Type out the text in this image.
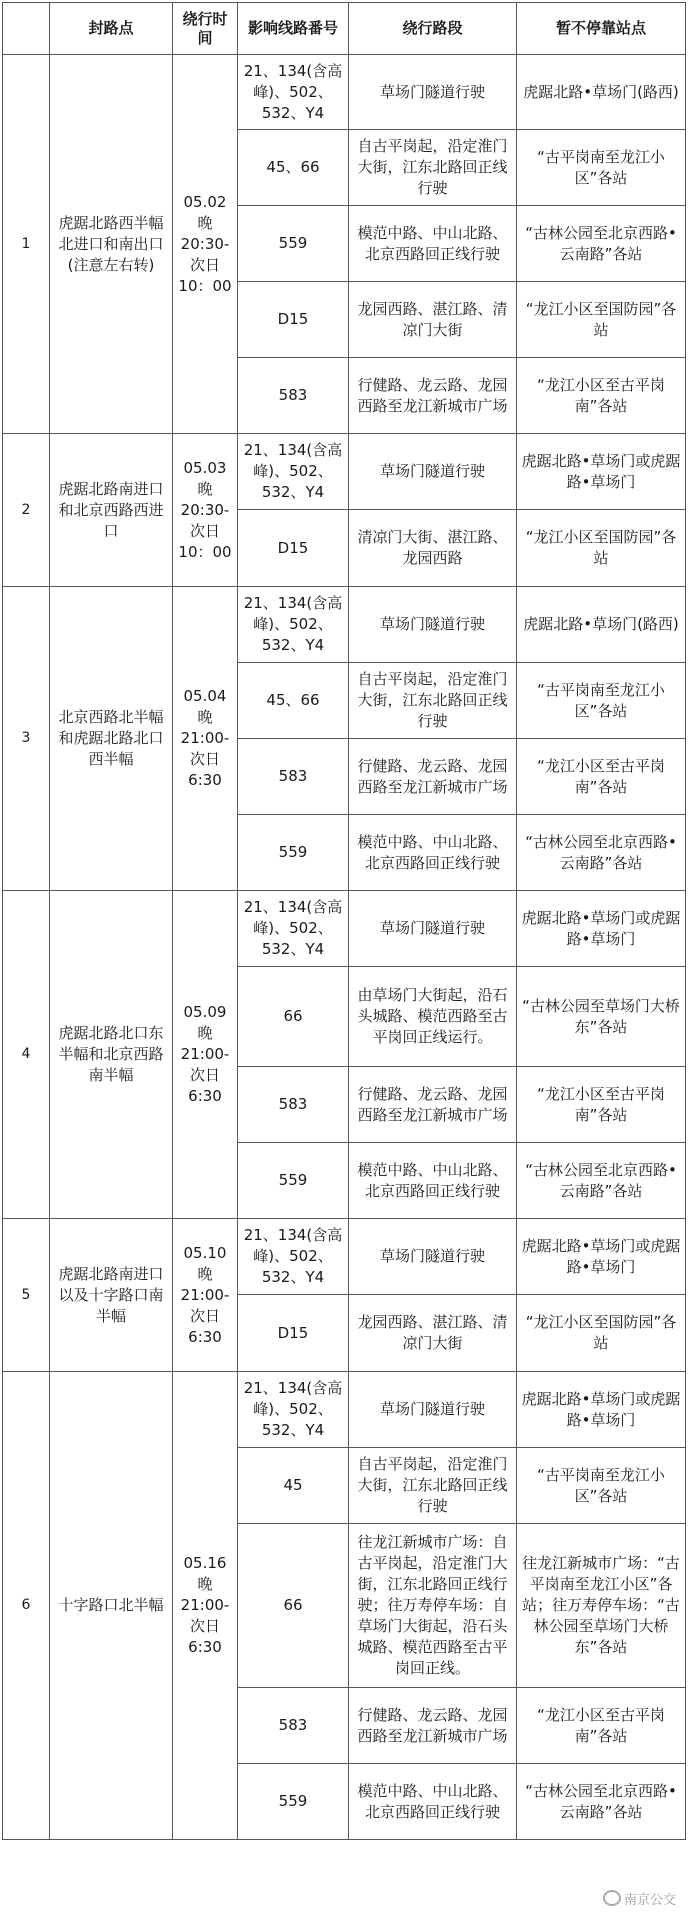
	封路点	绕行时间	影响线路番号	绕行路段	暂不停靠站点
1	虎踞北路西半幅北进口和南出口(注意左右转)	05.02晚20:30-次日10：00	21、134(含高峰)、502、532、Y4	草场门隧道行驶	虎踞北路•草场门(路西)
			45、66	自古平岗起，沿定淮门大街，江东北路回正线行驶	“古平岗南至龙江小区”各站
			559	模范中路、中山北路、北京西路回正线行驶	“古林公园至北京西路•云南路”各站
			D15	龙园西路、湛江路、清凉门大街	“龙江小区至国防园”各站
			583	行健路、龙云路、龙园西路至龙江新城市广场	“龙江小区至古平岗南”各站
2	虎踞北路南进口和北京西路西进口	05.03晚20:30-次日10：00	21、134(含高峰)、502、532、Y4	草场门隧道行驶	虎踞北路•草场门或虎踞路•草场门
			D15	清凉门大街、湛江路、龙园西路	“龙江小区至国防园”各站
3	北京西路北半幅和虎踞北路北口西半幅	05.04晚21:00-次日6:30	21、134(含高峰)、502、532、Y4	草场门隧道行驶	虎踞北路•草场门(路西)
			45、66	自古平岗起，沿定淮门大街，江东北路回正线行驶	“古平岗南至龙江小区”各站
			583	行健路、龙云路、龙园西路至龙江新城市广场	“龙江小区至古平岗南”各站
			559	模范中路、中山北路、北京西路回正线行驶	“古林公园至北京西路•云南路”各站
4	虎踞北路北口东半幅和北京西路南半幅	05.09晚21:00-次日6:30	21、134(含高峰)、502、532、Y4	草场门隧道行驶	虎踞北路•草场门或虎踞路•草场门
			66	由草场门大街起，沿石头城路、模范西路至古平岗回正线运行。	“古林公园至草场门大桥东”各站
			583	行健路、龙云路、龙园西路至龙江新城市广场	“龙江小区至古平岗南”各站
			559	模范中路、中山北路、北京西路回正线行驶	“古林公园至北京西路•云南路”各站
5	虎踞北路南进口以及十字路口南半幅	05.10晚21:00-次日6:30	21、134(含高峰)、502、532、Y4	草场门隧道行驶	虎踞北路•草场门或虎踞路•草场门
			D15	龙园西路、湛江路、清凉门大街	“龙江小区至国防园”各站
6	十字路口北半幅	05.16晚21:00-次日6:30	21、134(含高峰)、502、532、Y4	草场门隧道行驶	虎踞北路•草场门或虎踞路•草场门
			45	自古平岗起，沿定淮门大街，江东北路回正线行驶	“古平岗南至龙江小区”各站
			66	往龙江新城市广场：自古平岗起，沿定淮门大街，江东北路回正线行驶；往万寿停车场：自草场门大街起，沿石头城路、模范西路至古平岗回正线。	往龙江新城市广场：“古平岗南至龙江小区”各站；往万寿停车场：“古林公园至草场门大桥东”各站
			583	行健路、龙云路、龙园西路至龙江新城市广场	“龙江小区至古平岗南”各站
			559	模范中路、中山北路、北京西路回正线行驶	“古林公园至北京西路•云南路”各站
南京公交
